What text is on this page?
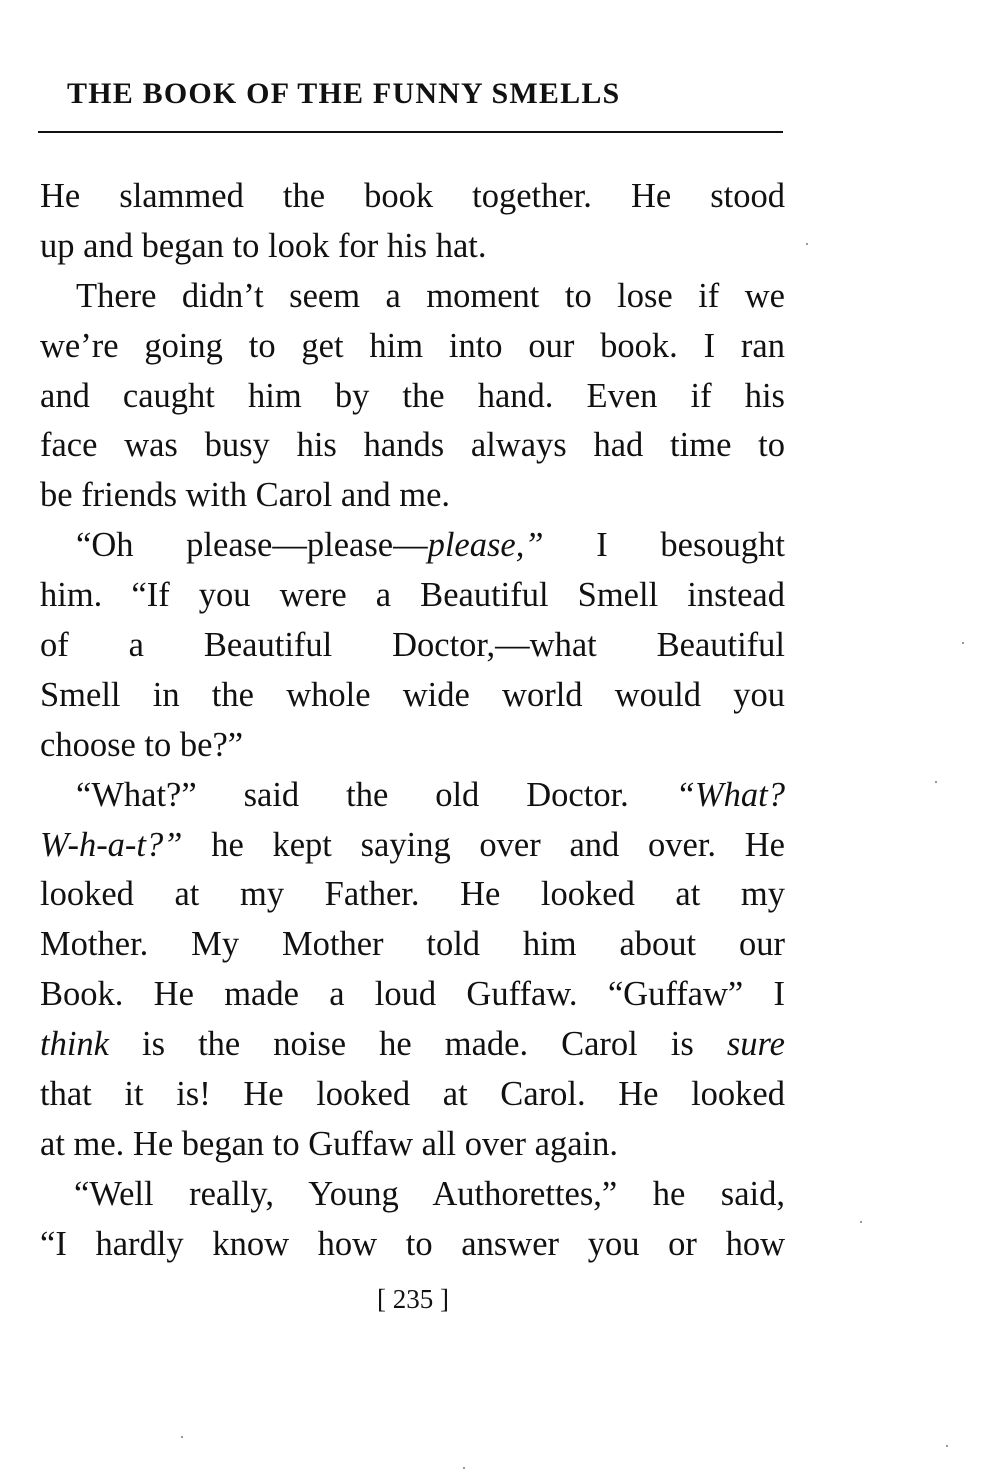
THE BOOK OF THE FUNNY SMELLS
He slammed the book together. He stood
up and began to look for his hat.
There didn’t seem a moment to lose if we
we’re going to get him into our book. I ran
and caught him by the hand. Even if his
face was busy his hands always had time to
be friends with Carol and me.
“Oh please—please—please,” I besought
him. “If you were a Beautiful Smell instead
of a Beautiful Doctor,—what Beautiful
Smell in the whole wide world would you
choose to be?”
“What?” said the old Doctor. “What?
W-h-a-t?” he kept saying over and over. He
looked at my Father. He looked at my
Mother. My Mother told him about our
Book. He made a loud Guffaw. “Guffaw” I
think is the noise he made. Carol is sure
that it is! He looked at Carol. He looked
at me. He began to Guffaw all over again.
“Well really, Young Authorettes,” he said,
“I hardly know how to answer you or how
[ 235 ]
